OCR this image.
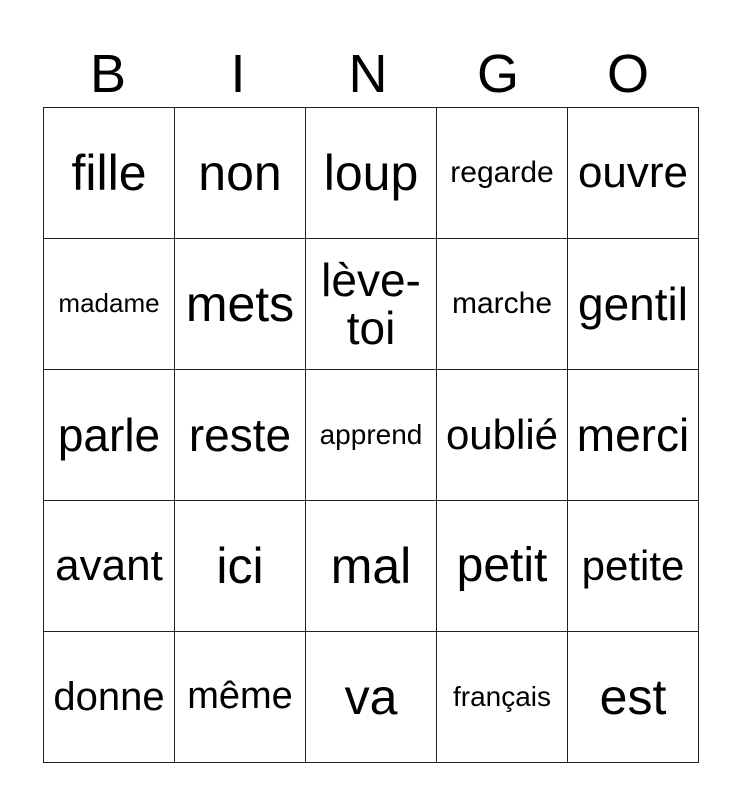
B	I	N	G	O
fille	non	loup	regarde	ouvre
madame	mets	lève-toi	marche	gentil
parle	reste	apprend	oublié	merci
avant	ici	mal	petit	petite
donne	même	va	français	est
